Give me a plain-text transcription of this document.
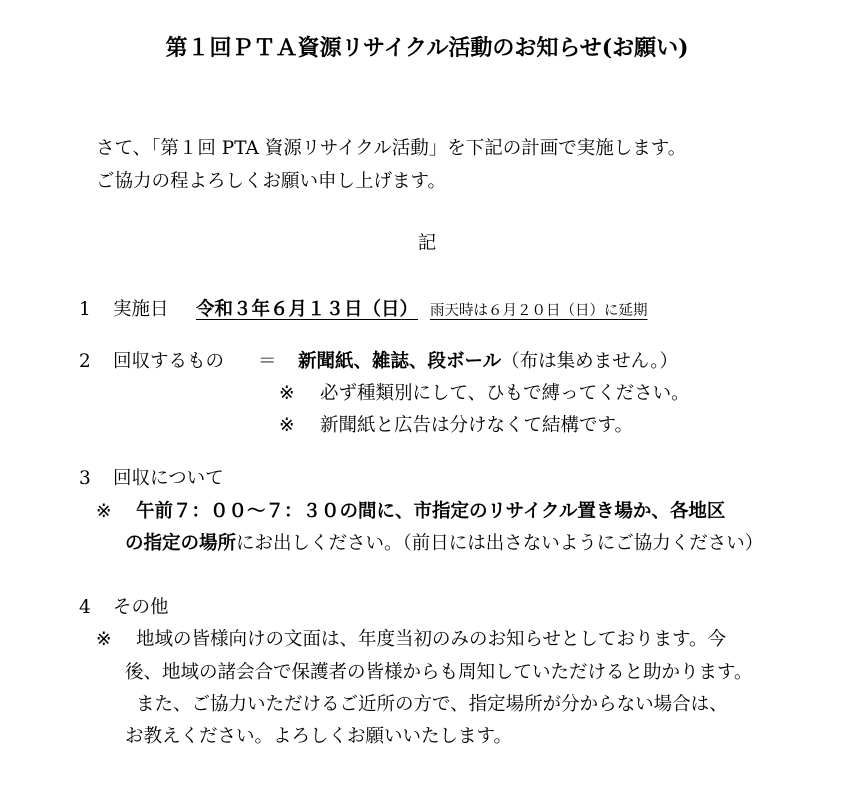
第１回ＰＴＡ資源リサイクル活動のお知らせ(お願い)
さて、「第１回 PTA 資源リサイクル活動」を下記の計画で実施します。
ご協力の程よろしくお願い申し上げます。
記
1 実施日 令和３年６月１３日（日） 雨天時は６月２０日（日）に延期
2 回収するもの ＝ 新聞紙、雑誌、段ボール（布は集めません。）
※ 必ず種類別にして、ひもで縛ってください。
※ 新聞紙と広告は分けなくて結構です。
3 回収について
※ 午前７：００～７：３０の間に、市指定のリサイクル置き場か、各地区
の指定の場所にお出しください。（前日には出さないようにご協力ください）
4 その他
※ 地域の皆様向けの文面は、年度当初のみのお知らせとしております。今
後、地域の諸会合で保護者の皆様からも周知していただけると助かります。
また、ご協力いただけるご近所の方で、指定場所が分からない場合は、
お教えください。よろしくお願いいたします。
